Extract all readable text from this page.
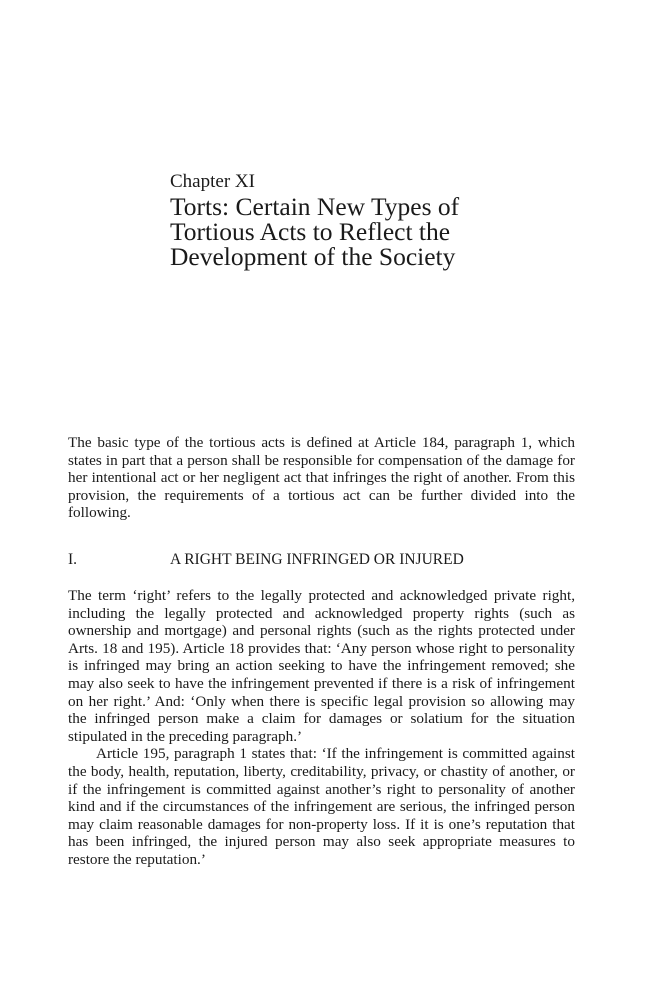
Chapter XI
Torts: Certain New Types of
Tortious Acts to Reflect the
Development of the Society
The basic type of the tortious acts is defined at Article 184, paragraph 1, which states in part that a person shall be responsible for compensation of the damage for her intentional act or her negligent act that infringes the right of another. From this provision, the requirements of a tortious act can be further divided into the following.
I.	A RIGHT BEING INFRINGED OR INJURED

The term ‘right’ refers to the legally protected and acknowledged private right, including the legally protected and acknowledged property rights (such as ownership and mortgage) and personal rights (such as the rights protected under Arts. 18 and 195). Article 18 provides that: ‘Any person whose right to personality is infringed may bring an action seeking to have the infringement removed; she may also seek to have the infringement prevented if there is a risk of infringement on her right.’ And: ‘Only when there is specific legal provision so allowing may the infringed person make a claim for damages or solatium for the situation stipulated in the preceding paragraph.’

Article 195, paragraph 1 states that: ‘If the infringement is committed against the body, health, reputation, liberty, creditability, privacy, or chastity of another, or if the infringement is committed against another’s right to personality of another kind and if the circumstances of the infringement are serious, the infringed person may claim reasonable damages for non-property loss. If it is one’s reputation that has been infringed, the injured person may also seek appropriate measures to restore the reputation.’
